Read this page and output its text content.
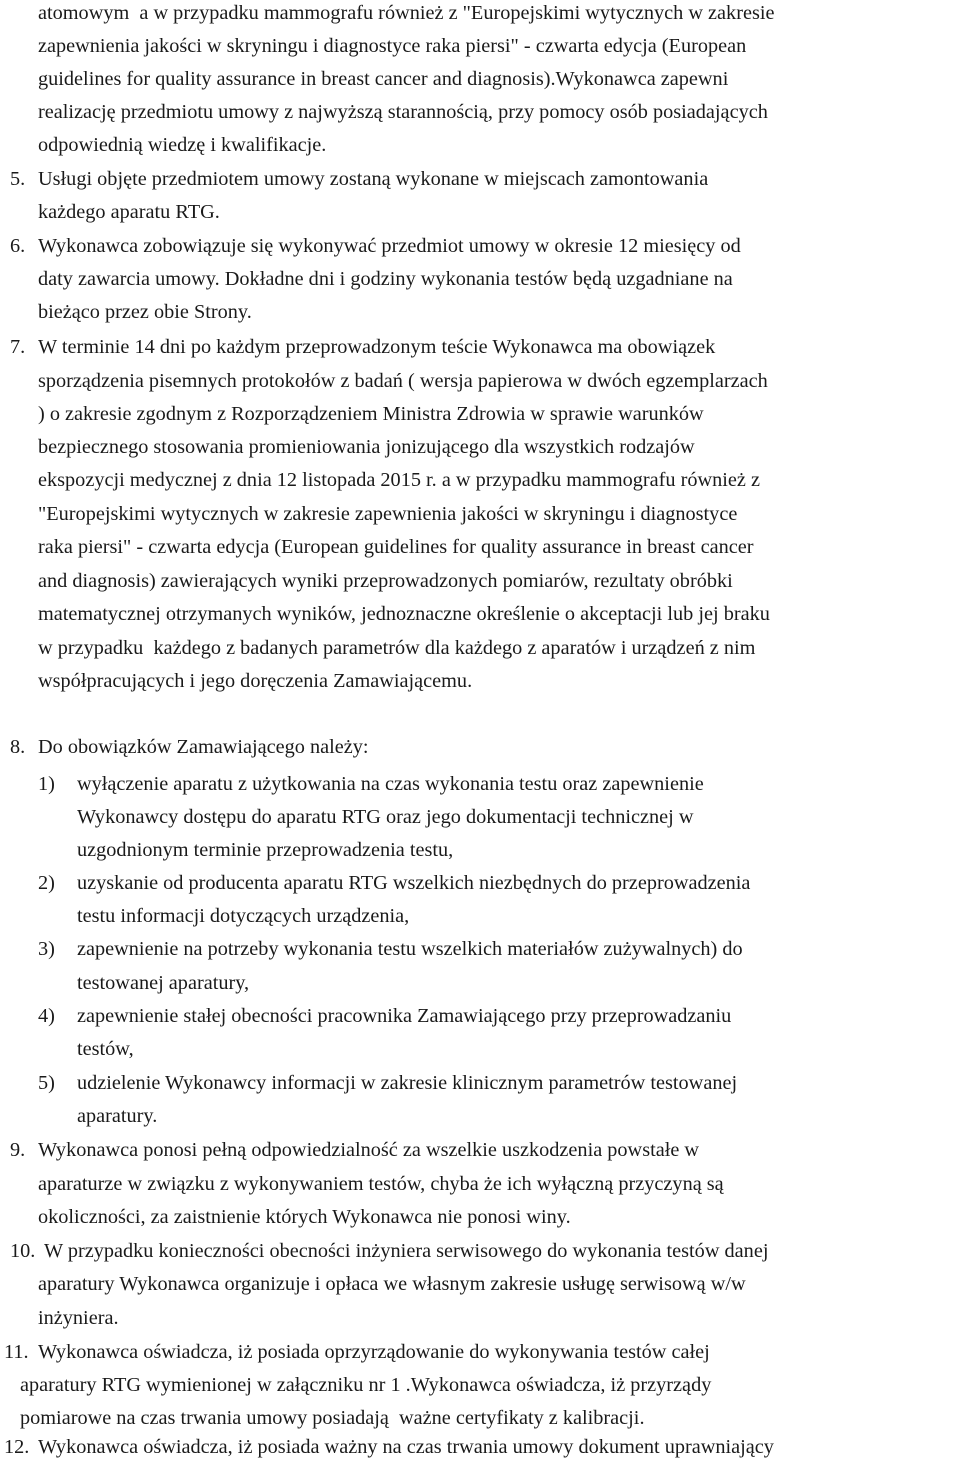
atomowym  a w przypadku mammografu również z "Europejskimi wytycznych w zakresie
zapewnienia jakości w skryningu i diagnostyce raka piersi" - czwarta edycja (European
guidelines for quality assurance in breast cancer and diagnosis).Wykonawca zapewni
realizację przedmiotu umowy z najwyższą starannością, przy pomocy osób posiadających
odpowiednią wiedzę i kwalifikacje.
5. Usługi objęte przedmiotem umowy zostaną wykonane w miejscach zamontowania
każdego aparatu RTG.
6. Wykonawca zobowiązuje się wykonywać przedmiot umowy w okresie 12 miesięcy od
daty zawarcia umowy. Dokładne dni i godziny wykonania testów będą uzgadniane na
bieżąco przez obie Strony.
7. W terminie 14 dni po każdym przeprowadzonym teście Wykonawca ma obowiązek
sporządzenia pisemnych protokołów z badań ( wersja papierowa w dwóch egzemplarzach
) o zakresie zgodnym z Rozporządzeniem Ministra Zdrowia w sprawie warunków
bezpiecznego stosowania promieniowania jonizującego dla wszystkich rodzajów
ekspozycji medycznej z dnia 12 listopada 2015 r. a w przypadku mammografu również z
"Europejskimi wytycznych w zakresie zapewnienia jakości w skryningu i diagnostyce
raka piersi" - czwarta edycja (European guidelines for quality assurance in breast cancer
and diagnosis) zawierających wyniki przeprowadzonych pomiarów, rezultaty obróbki
matematycznej otrzymanych wyników, jednoznaczne określenie o akceptacji lub jej braku
w przypadku  każdego z badanych parametrów dla każdego z aparatów i urządzeń z nim
współpracujących i jego doręczenia Zamawiającemu.
8. Do obowiązków Zamawiającego należy:
1) wyłączenie aparatu z użytkowania na czas wykonania testu oraz zapewnienie
Wykonawcy dostępu do aparatu RTG oraz jego dokumentacji technicznej w
uzgodnionym terminie przeprowadzenia testu,
2) uzyskanie od producenta aparatu RTG wszelkich niezbędnych do przeprowadzenia
testu informacji dotyczących urządzenia,
3) zapewnienie na potrzeby wykonania testu wszelkich materiałów zużywalnych) do
testowanej aparatury,
4) zapewnienie stałej obecności pracownika Zamawiającego przy przeprowadzaniu
testów,
5) udzielenie Wykonawcy informacji w zakresie klinicznym parametrów testowanej
aparatury.
9. Wykonawca ponosi pełną odpowiedzialność za wszelkie uszkodzenia powstałe w
aparaturze w związku z wykonywaniem testów, chyba że ich wyłączną przyczyną są
okoliczności, za zaistnienie których Wykonawca nie ponosi winy.
10. W przypadku konieczności obecności inżyniera serwisowego do wykonania testów danej
aparatury Wykonawca organizuje i opłaca we własnym zakresie usługę serwisową w/w
inżyniera.
11. Wykonawca oświadcza, iż posiada oprzyrządowanie do wykonywania testów całej
aparatury RTG wymienionej w załączniku nr 1 .Wykonawca oświadcza, iż przyrządy
pomiarowe na czas trwania umowy posiadają  ważne certyfikaty z kalibracji.
12. Wykonawca oświadcza, iż posiada ważny na czas trwania umowy dokument uprawniający
